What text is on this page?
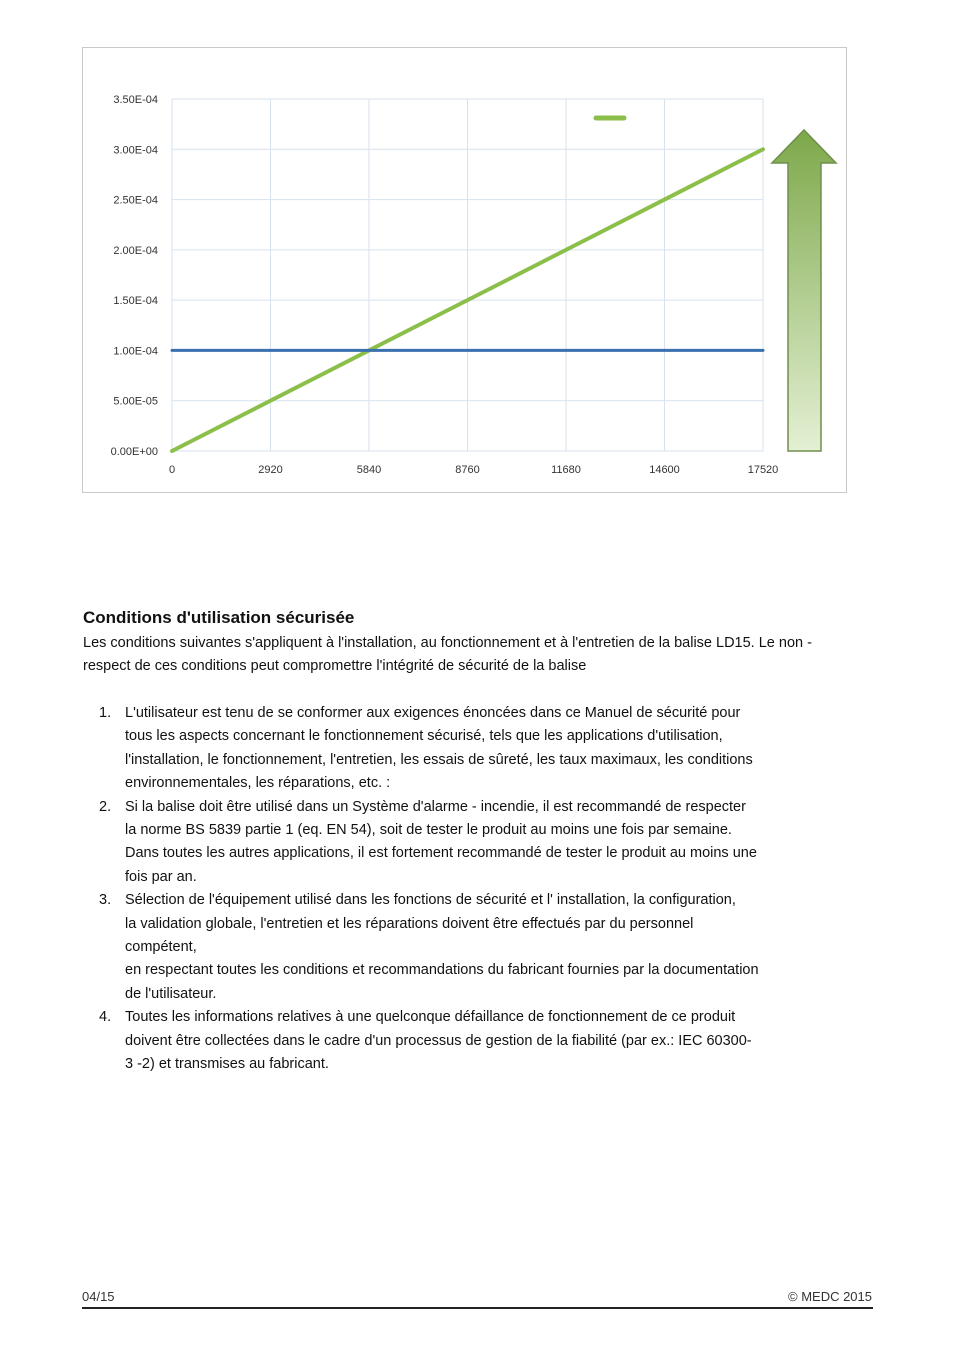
0.00E+00
5.00E-05
1.00E-04
1.50E-04
2.00E-04
2.50E-04
3.00E-04
3.50E-04
0	2920	5840	8760	11680	14600	17520
Conditions d'utilisation sécurisée

Les conditions suivantes s'appliquent à l'installation, au fonctionnement et à l'entretien de la balise LD15. Le non -respect de ces conditions peut compromettre l'intégrité de sécurité de la balise

1. L'utilisateur est tenu de se conformer aux exigences énoncées dans ce Manuel de sécurité pour
tous les aspects concernant le fonctionnement sécurisé, tels que les applications d'utilisation,
l'installation, le fonctionnement, l'entretien, les essais de sûreté, les taux maximaux, les conditions
environnementales, les réparations, etc. :
2. Si la balise doit être utilisé dans un Système d'alarme - incendie, il est recommandé de respecter
la norme BS 5839 partie 1 (eq. EN 54), soit de tester le produit au moins une fois par semaine.
Dans toutes les autres applications, il est fortement recommandé de tester le produit au moins une
fois par an.
3. Sélection de l'équipement utilisé dans les fonctions de sécurité et l' installation, la configuration,
la validation globale, l'entretien et les réparations doivent être effectués par du personnel
compétent,
en respectant toutes les conditions et recommandations du fabricant fournies par la documentation
de l'utilisateur.
4. Toutes les informations relatives à une quelconque défaillance de fonctionnement de ce produit
doivent être collectées dans le cadre d'un processus de gestion de la fiabilité (par ex.: IEC 60300-
3 -2) et transmises au fabricant.
04/15	© MEDC 2015
